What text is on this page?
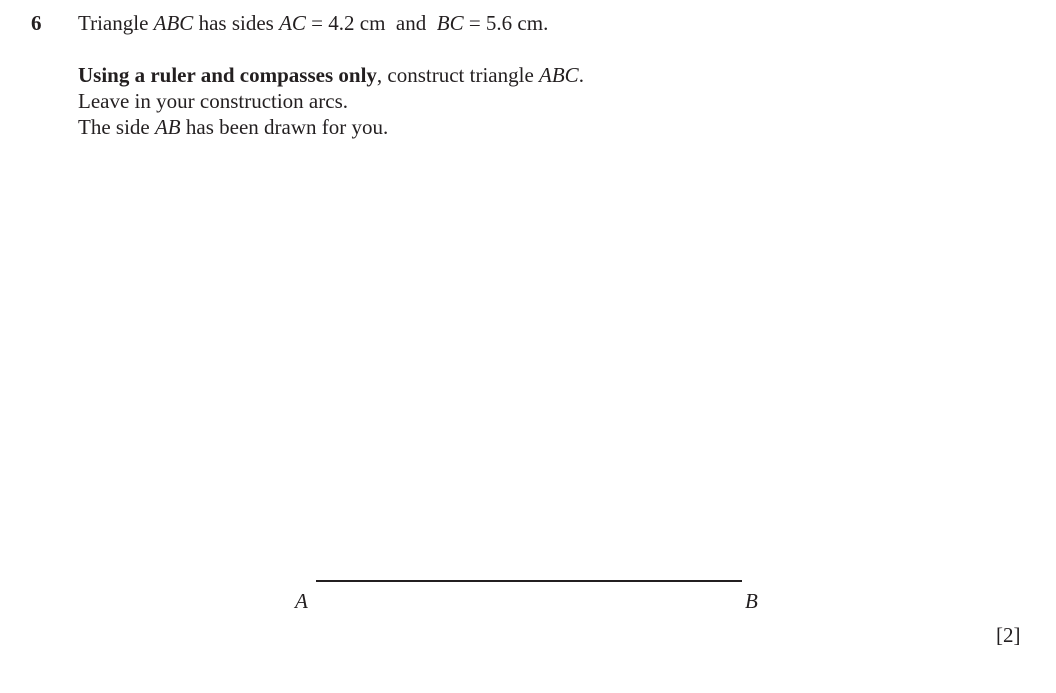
6 Triangle ABC has sides AC = 4.2 cm  and  BC = 5.6 cm.
Using a ruler and compasses only, construct triangle ABC.
Leave in your construction arcs.
The side AB has been drawn for you.
A	B
[2]
